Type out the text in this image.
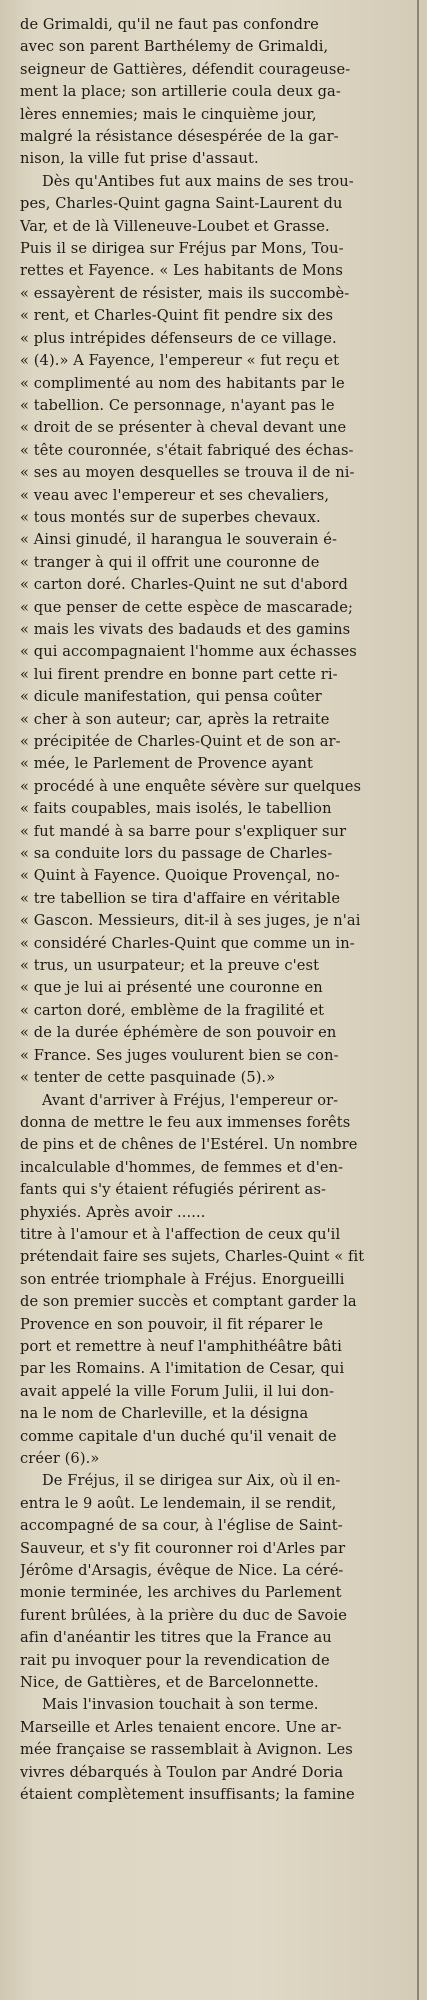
de Grimaldi, qu'il ne faut pas confondre
avec son parent Barthélemy de Grimaldi,
seigneur de Gattières, défendit courageuse-
ment la place; son artillerie coula deux ga-
lères ennemies; mais le cinquième jour,
malgré la résistance désespérée de la gar-
nison, la ville fut prise d'assaut.
Dès qu'Antibes fut aux mains de ses trou-
pes, Charles-Quint gagna Saint-Laurent du
Var, et de là Villeneuve-Loubet et Grasse.
Puis il se dirigea sur Fréjus par Mons, Tou-
rettes et Fayence. « Les habitants de Mons
« essayèrent de résister, mais ils succombè-
« rent, et Charles-Quint fit pendre six des
« plus intrépides défenseurs de ce village.
« (4).» A Fayence, l'empereur « fut reçu et
« complimenté au nom des habitants par le
« tabellion. Ce personnage, n'ayant pas le
« droit de se présenter à cheval devant une
« tête couronnée, s'était fabriqué des échas-
« ses au moyen desquelles se trouva il de ni-
« veau avec l'empereur et ses chevaliers,
« tous montés sur de superbes chevaux.
« Ainsi ginudé, il harangua le souverain é-
« tranger à qui il offrit une couronne de
« carton doré. Charles-Quint ne sut d'abord
« que penser de cette espèce de mascarade;
« mais les vivats des badauds et des gamins
« qui accompagnaient l'homme aux échasses
« lui firent prendre en bonne part cette ri-
« dicule manifestation, qui pensa coûter
« cher à son auteur; car, après la retraite
« précipitée de Charles-Quint et de son ar-
« mée, le Parlement de Provence ayant
« procédé à une enquête sévère sur quelques
« faits coupables, mais isolés, le tabellion
« fut mandé à sa barre pour s'expliquer sur
« sa conduite lors du passage de Charles-
« Quint à Fayence. Quoique Provençal, no-
« tre tabellion se tira d'affaire en véritable
« Gascon. Messieurs, dit-il à ses juges, je n'ai
« considéré Charles-Quint que comme un in-
« trus, un usurpateur; et la preuve c'est
« que je lui ai présenté une couronne en
« carton doré, emblème de la fragilité et
« de la durée éphémère de son pouvoir en
« France. Ses juges voulurent bien se con-
« tenter de cette pasquinade (5).»
Avant d'arriver à Fréjus, l'empereur or-
donna de mettre le feu aux immenses forêts
de pins et de chênes de l'Estérel. Un nombre
incalculable d'hommes, de femmes et d'en-
fants qui s'y étaient réfugiés périrent as-
phyxiés. Après avoir ......
titre à l'amour et à l'affection de ceux qu'il
prétendait faire ses sujets, Charles-Quint « fit
son entrée triomphale à Fréjus. Enorgueilli
de son premier succès et comptant garder la
Provence en son pouvoir, il fit réparer le
port et remettre à neuf l'amphithéâtre bâti
par les Romains. A l'imitation de Cesar, qui
avait appelé la ville Forum Julii, il lui don-
na le nom de Charleville, et la désigna
comme capitale d'un duché qu'il venait de
créer (6).»
De Fréjus, il se dirigea sur Aix, où il en-
entra le 9 août. Le lendemain, il se rendit,
accompagné de sa cour, à l'église de Saint-
Sauveur, et s'y fit couronner roi d'Arles par
Jérôme d'Arsagis, évêque de Nice. La céré-
monie terminée, les archives du Parlement
furent brûlées, à la prière du duc de Savoie
afin d'anéantir les titres que la France au
rait pu invoquer pour la revendication de
Nice, de Gattières, et de Barcelonnette.
Mais l'invasion touchait à son terme.
Marseille et Arles tenaient encore. Une ar-
mée française se rassemblait à Avignon. Les
vivres débarqués à Toulon par André Doria
étaient complètement insuffisants; la famine
